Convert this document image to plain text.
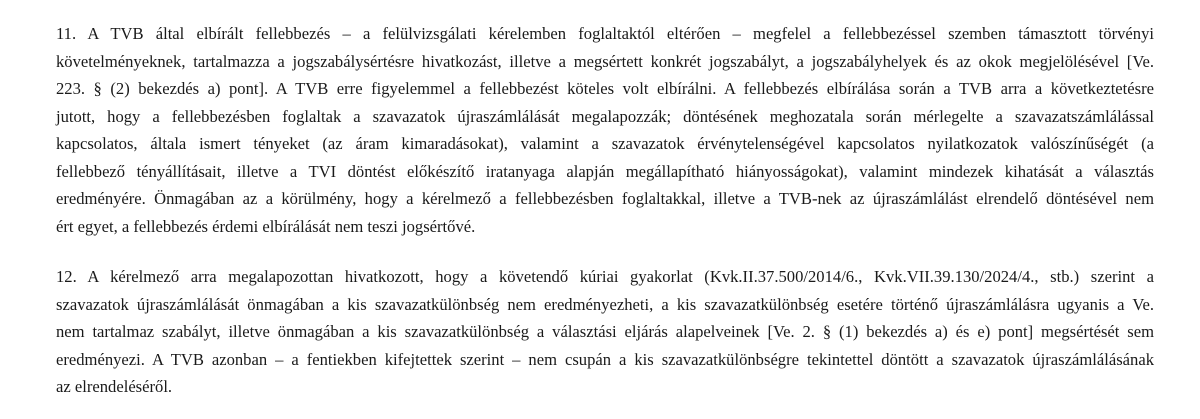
11. A TVB által elbírált fellebbezés – a felülvizsgálati kérelemben foglaltaktól eltérően – megfelel a fellebbezéssel szemben támasztott törvényi
követelményeknek, tartalmazza a jogszabálysértésre hivatkozást, illetve a megsértett konkrét jogszabályt, a jogszabályhelyek és az okok megjelölésével [Ve.
223. § (2) bekezdés a) pont]. A TVB erre figyelemmel a fellebbezést köteles volt elbírálni. A fellebbezés elbírálása során a TVB arra a következtetésre
jutott, hogy a fellebbezésben foglaltak a szavazatok újraszámlálását megalapozzák; döntésének meghozatala során mérlegelte a szavazatszámlálással
kapcsolatos, általa ismert tényeket (az áram kimaradásokat), valamint a szavazatok érvénytelenségével kapcsolatos nyilatkozatok valószínűségét (a
fellebbező tényállításait, illetve a TVI döntést előkészítő iratanyaga alapján megállapítható hiányosságokat), valamint mindezek kihatását a választás
eredményére. Önmagában az a körülmény, hogy a kérelmező a fellebbezésben foglaltakkal, illetve a TVB-nek az újraszámlálást elrendelő döntésével nem
ért egyet, a fellebbezés érdemi elbírálását nem teszi jogsértővé.
12. A kérelmező arra megalapozottan hivatkozott, hogy a követendő kúriai gyakorlat (Kvk.II.37.500/2014/6., Kvk.VII.39.130/2024/4., stb.) szerint a
szavazatok újraszámlálását önmagában a kis szavazatkülönbség nem eredményezheti, a kis szavazatkülönbség esetére történő újraszámlálásra ugyanis a Ve.
nem tartalmaz szabályt, illetve önmagában a kis szavazatkülönbség a választási eljárás alapelveinek [Ve. 2. § (1) bekezdés a) és e) pont] megsértését sem
eredményezi. A TVB azonban – a fentiekben kifejtettek szerint – nem csupán a kis szavazatkülönbségre tekintettel döntött a szavazatok újraszámlálásának
az elrendeléséről.
